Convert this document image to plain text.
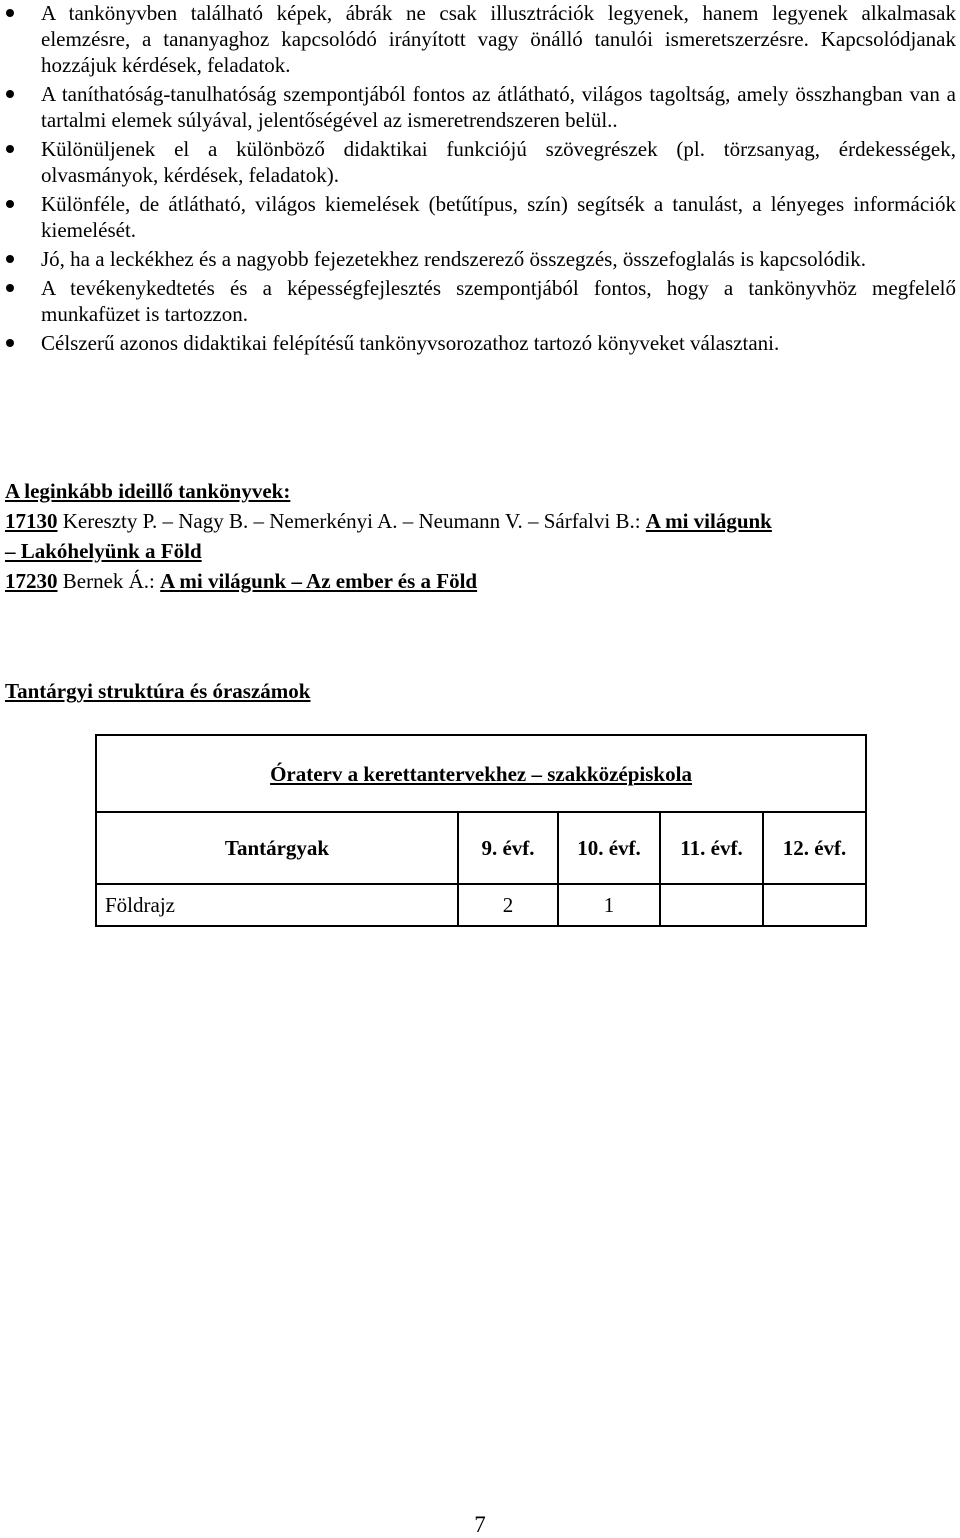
A tankönyvben található képek, ábrák ne csak illusztrációk legyenek, hanem legyenek alkalmasak elemzésre, a tananyaghoz kapcsolódó irányított vagy önálló tanulói ismeretszerzésre. Kapcsolódjanak hozzájuk kérdések, feladatok.
A taníthatóság-tanulhatóság szempontjából fontos az átlátható, világos tagoltság, amely összhangban van a tartalmi elemek súlyával, jelentőségével az ismeretrendszeren belül..
Különüljenek el a különböző didaktikai funkciójú szövegrészek (pl. törzsanyag, érdekességek, olvasmányok, kérdések, feladatok).
Különféle, de átlátható, világos kiemelések (betűtípus, szín) segítsék a tanulást, a lényeges információk kiemelését.
Jó, ha a leckékhez és a nagyobb fejezetekhez rendszerező összegzés, összefoglalás is kapcsolódik.
A tevékenykedtetés és a képességfejlesztés szempontjából fontos, hogy a tankönyvhöz megfelelő munkafüzet is tartozzon.
Célszerű azonos didaktikai felépítésű tankönyvsorozathoz tartozó könyveket választani.
A leginkább ideillő tankönyvek:
17130 Kereszty P. – Nagy B. – Nemerkényi A. – Neumann V. – Sárfalvi B.: A mi világunk
– Lakóhelyünk a Föld
17230 Bernek Á.: A mi világunk – Az ember és a Föld
Tantárgyi struktúra és óraszámok
Óraterv a kerettantervekhez – szakközépiskola				
Tantárgyak	9. évf.	10. évf.	11. évf.	12. évf.
Földrajz	2	1		
7
